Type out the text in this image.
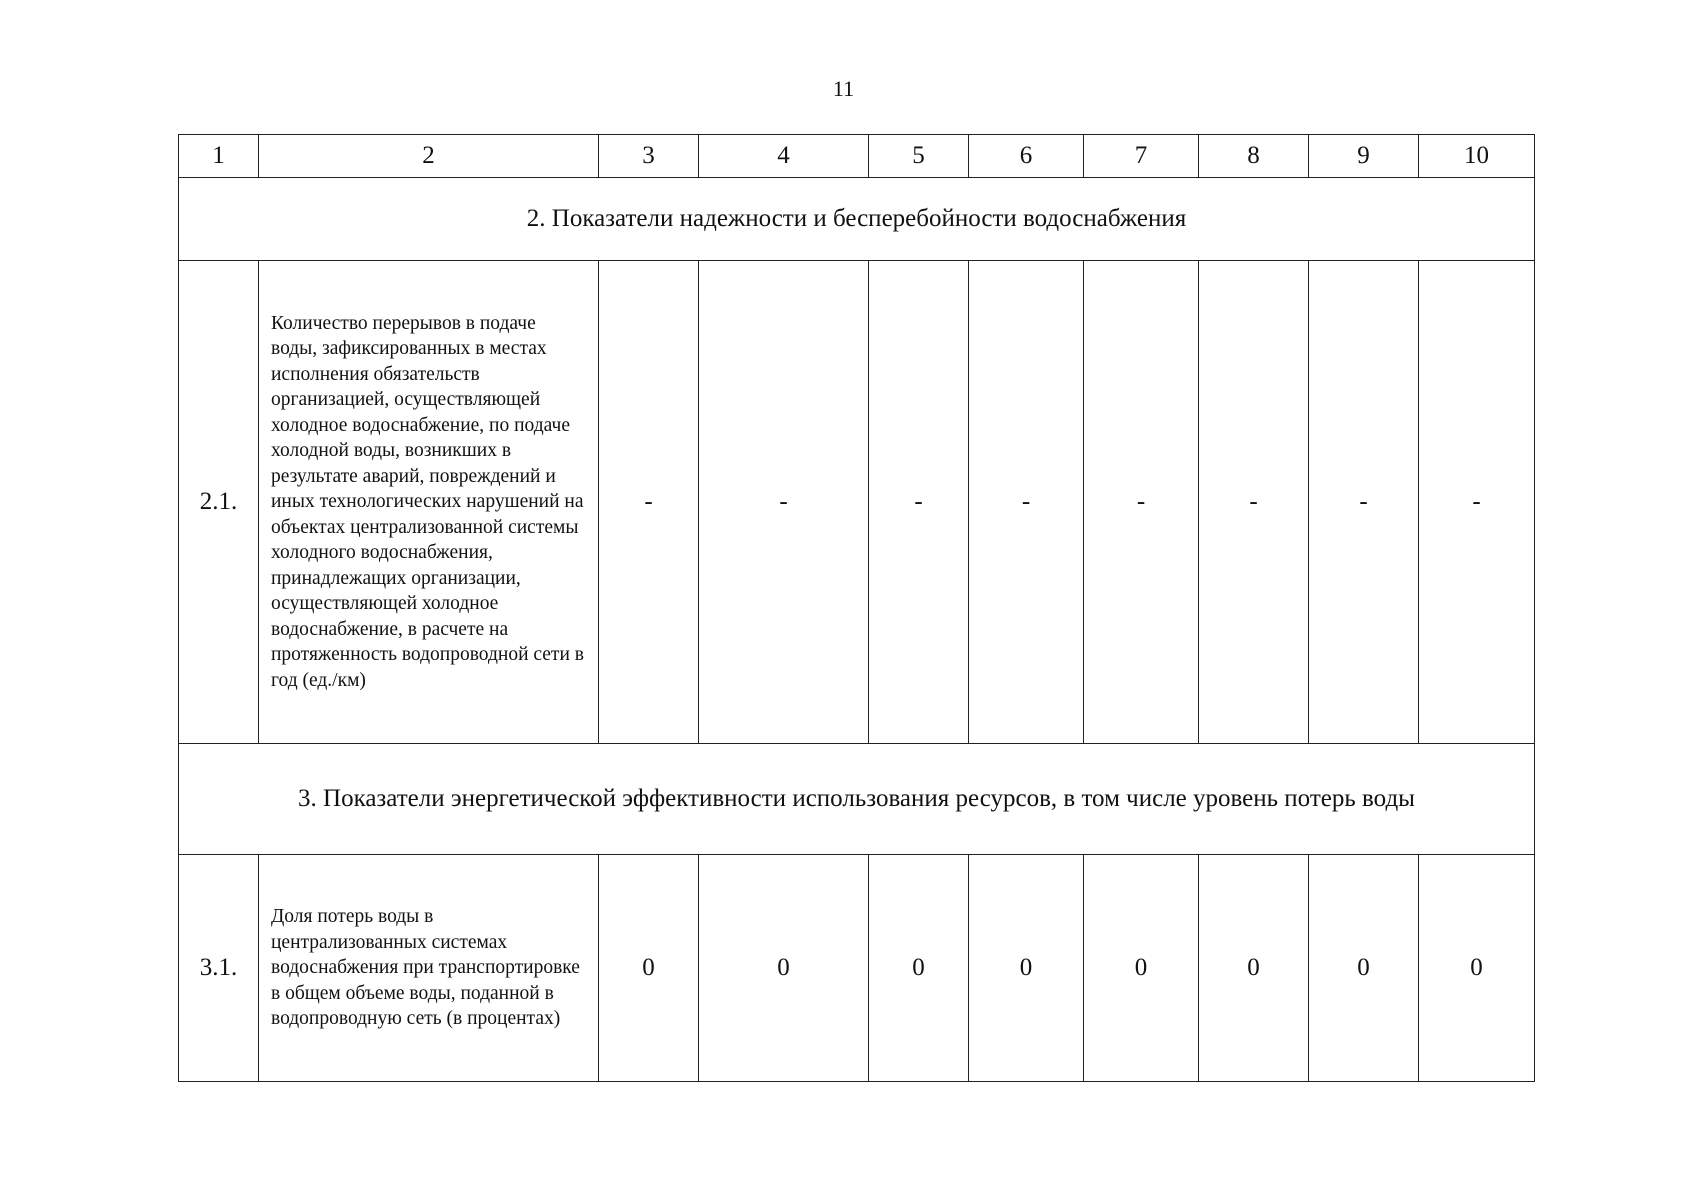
11
1	2	3	4	5	6	7	8	9	10
2. Показатели надежности и бесперебойности водоснабжения									
2.1.	Количество перерывов в подаче воды, зафиксированных в местах исполнения обязательств организацией, осуществляющей холодное водоснабжение, по подаче холодной воды, возникших в результате аварий, повреждений и иных технологических нарушений на объектах централизованной системы холодного водоснабжения, принадлежащих организации, осуществляющей холодное водоснабжение, в расчете на протяженность водопроводной сети в год (ед./км)	-	-	-	-	-	-	-	-
3. Показатели энергетической эффективности использования ресурсов, в том числе уровень потерь воды									
3.1.	Доля потерь воды в централизованных системах водоснабжения при транспортировке в общем объеме воды, поданной в водопроводную сеть (в процентах)	0	0	0	0	0	0	0	0
